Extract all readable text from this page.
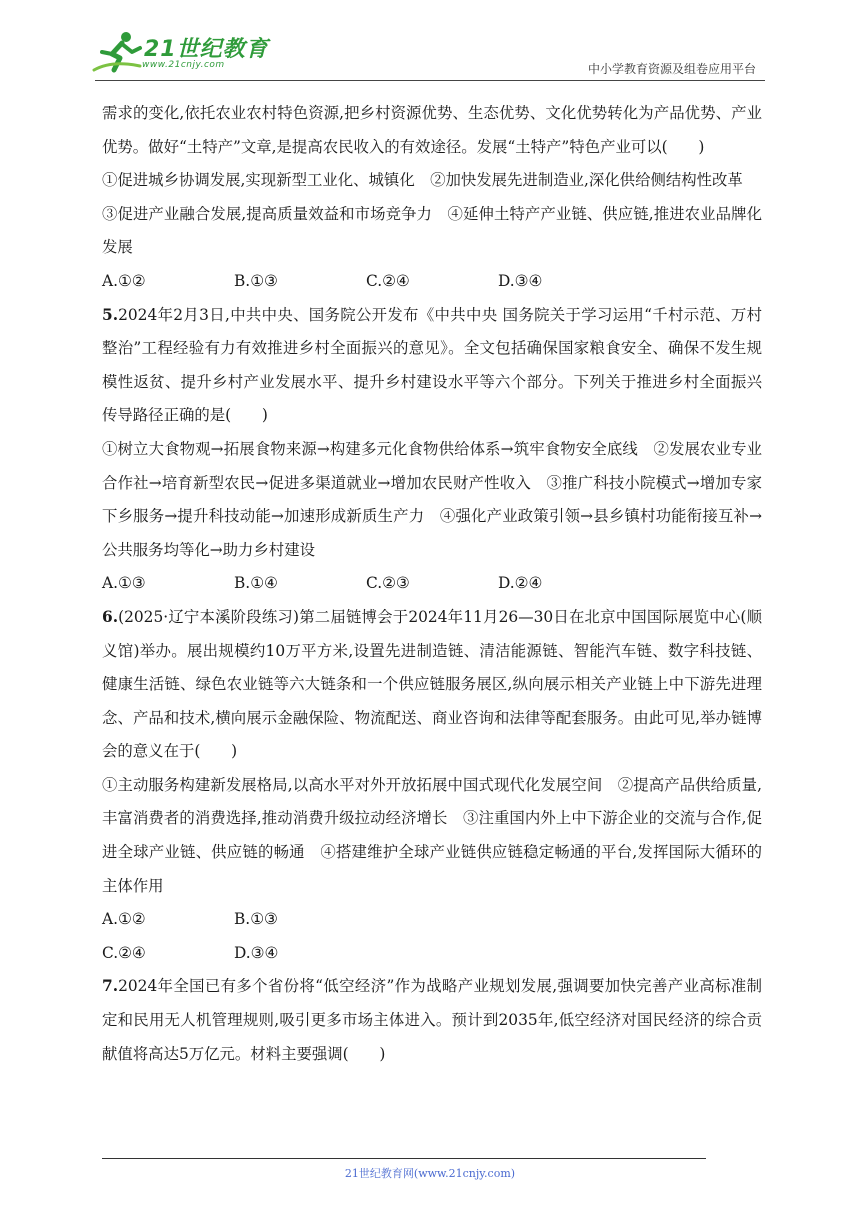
21世纪教育
www.21cnjy.com	中小学教育资源及组卷应用平台

需求的变化,依托农业农村特色资源,把乡村资源优势、生态优势、文化优势转化为产品优势、产业优势。做好“土特产”文章,是提高农民收入的有效途径。发展“土特产”特色产业可以(　　)

①促进城乡协调发展,实现新型工业化、城镇化　②加快发展先进制造业,深化供给侧结构性改革

③促进产业融合发展,提高质量效益和市场竞争力　④延伸土特产产业链、供应链,推进农业品牌化发展

A.①②	B.①③	C.②④	D.③④

5.2024年2月3日,中共中央、国务院公开发布《中共中央 国务院关于学习运用“千村示范、万村整治”工程经验有力有效推进乡村全面振兴的意见》。全文包括确保国家粮食安全、确保不发生规模性返贫、提升乡村产业发展水平、提升乡村建设水平等六个部分。下列关于推进乡村全面振兴传导路径正确的是(　　)

①树立大食物观→拓展食物来源→构建多元化食物供给体系→筑牢食物安全底线　②发展农业专业合作社→培育新型农民→促进多渠道就业→增加农民财产性收入　③推广科技小院模式→增加专家下乡服务→提升科技动能→加速形成新质生产力　④强化产业政策引领→县乡镇村功能衔接互补→公共服务均等化→助力乡村建设

A.①③	B.①④	C.②③	D.②④

6.(2025·辽宁本溪阶段练习)第二届链博会于2024年11月26—30日在北京中国国际展览中心(顺义馆)举办。展出规模约10万平方米,设置先进制造链、清洁能源链、智能汽车链、数字科技链、健康生活链、绿色农业链等六大链条和一个供应链服务展区,纵向展示相关产业链上中下游先进理念、产品和技术,横向展示金融保险、物流配送、商业咨询和法律等配套服务。由此可见,举办链博会的意义在于(　　)

①主动服务构建新发展格局,以高水平对外开放拓展中国式现代化发展空间　②提高产品供给质量,丰富消费者的消费选择,推动消费升级拉动经济增长　③注重国内外上中下游企业的交流与合作,促进全球产业链、供应链的畅通　④搭建维护全球产业链供应链稳定畅通的平台,发挥国际大循环的主体作用

A.①②	B.①③
C.②④	D.③④

7.2024年全国已有多个省份将“低空经济”作为战略产业规划发展,强调要加快完善产业高标准制定和民用无人机管理规则,吸引更多市场主体进入。预计到2035年,低空经济对国民经济的综合贡献值将高达5万亿元。材料主要强调(　　)

21世纪教育网(www.21cnjy.com)
